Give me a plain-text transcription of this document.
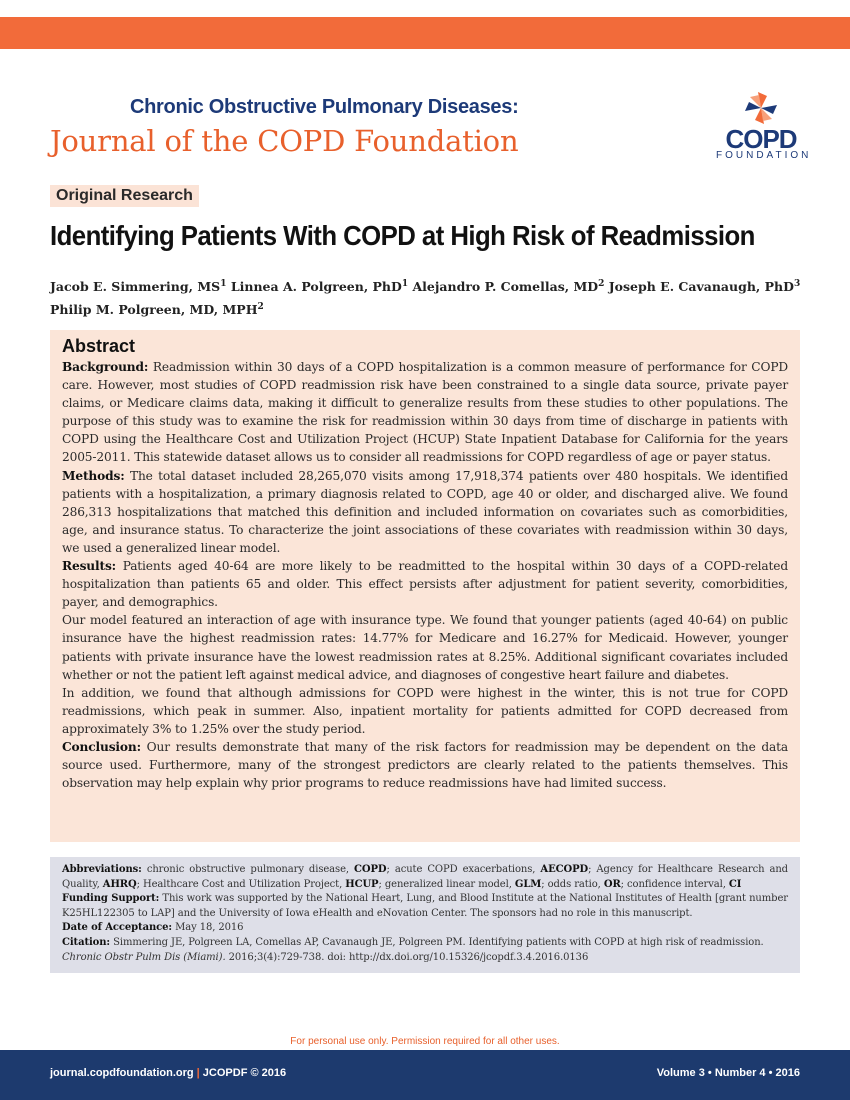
729
Chronic Obstructive Pulmonary Diseases:
Journal of the COPD Foundation	COPD
FOUNDATION
Original Research
Identifying Patients With COPD at High Risk of Readmission
Jacob E. Simmering, $MS^1$ Linnea A. Polgreen, PhD$^1$ Alejandro P. Comellas, $MD^2$ Joseph E. Cavanaugh, PhD$^3$
Philip M. Polgreen, MD, MPH$^2$
Abstract

Background: Readmission within 30 days of a COPD hospitalization is a common measure of performance for COPD care. However, most studies of COPD readmission risk have been constrained to a single data source, private payer claims, or Medicare claims data, making it difficult to generalize results from these studies to other populations. The purpose of this study was to examine the risk for readmission within 30 days from time of discharge in patients with COPD using the Healthcare Cost and Utilization Project (HCUP) State Inpatient Database for California for the years 2005-2011. This statewide dataset allows us to consider all readmissions for COPD regardless of age or payer status.

Methods: The total dataset included 28,265,070 visits among 17,918,374 patients over 480 hospitals. We identified patients with a hospitalization, a primary diagnosis related to COPD, age 40 or older, and discharged alive. We found 286,313 hospitalizations that matched this definition and included information on covariates such as comorbidities, age, and insurance status. To characterize the joint associations of these covariates with readmission within 30 days, we used a generalized linear model.

Results: Patients aged 40-64 are more likely to be readmitted to the hospital within 30 days of a COPD-related hospitalization than patients 65 and older. This effect persists after adjustment for patient severity, comorbidities, payer, and demographics.

Our model featured an interaction of age with insurance type. We found that younger patients (aged 40-64) on public insurance have the highest readmission rates: 14.77% for Medicare and 16.27% for Medicaid. However, younger patients with private insurance have the lowest readmission rates at 8.25%. Additional significant covariates included whether or not the patient left against medical advice, and diagnoses of congestive heart failure and diabetes.

In addition, we found that although admissions for COPD were highest in the winter, this is not true for COPD readmissions, which peak in summer. Also, inpatient mortality for patients admitted for COPD decreased from approximately 3% to 1.25% over the study period.

Conclusion: Our results demonstrate that many of the risk factors for readmission may be dependent on the data source used. Furthermore, many of the strongest predictors are clearly related to the patients themselves. This observation may help explain why prior programs to reduce readmissions have had limited success.

Abbreviations: chronic obstructive pulmonary disease, COPD; acute COPD exacerbations, AECOPD; Agency for Healthcare Research and Quality, AHRQ; Healthcare Cost and Utilization Project, HCUP; generalized linear model, GLM; odds ratio, OR; confidence interval, CI

Funding Support: This work was supported by the National Heart, Lung, and Blood Institute at the National Institutes of Health [grant number K25HL122305 to LAP] and the University of Iowa eHealth and eNovation Center. The sponsors had no role in this manuscript.

Date of Acceptance: May 18, 2016

Citation: Simmering JE, Polgreen LA, Comellas AP, Cavanaugh JE, Polgreen PM. Identifying patients with COPD at high risk of readmission.
Chronic Obstr Pulm Dis (Miami). 2016;3(4):729-738. doi: http://dx.doi.org/10.15326/jcopdf.3.4.2016.0136

For personal use only. Permission required for all other uses.
journal.copdfoundation.org | JCOPDF © 2016	Volume 3 • Number 4 • 2016
